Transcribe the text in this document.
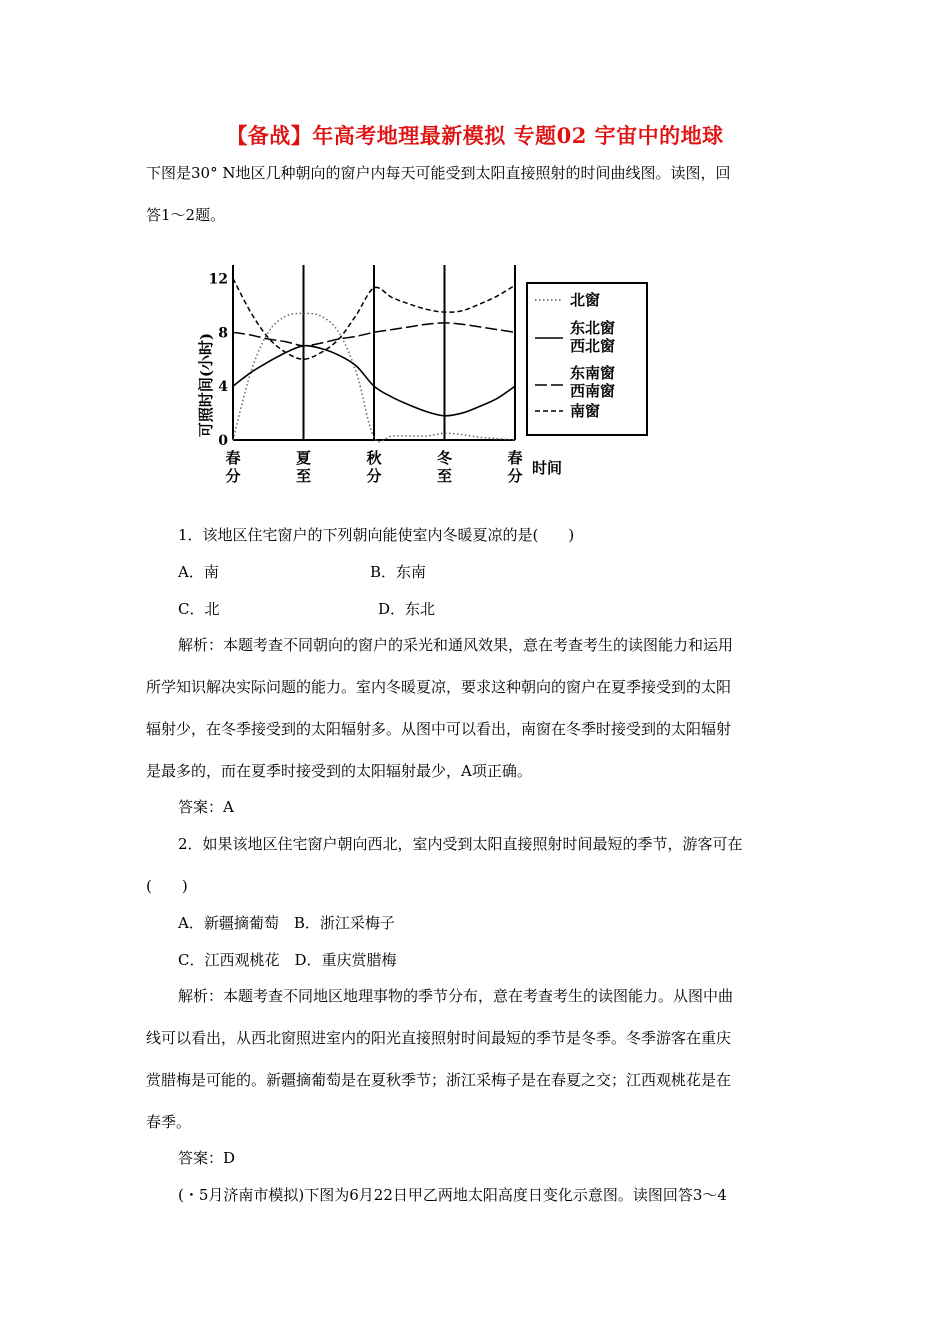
【备战】年高考地理最新模拟 专题02 宇宙中的地球
下图是30° N地区几种朝向的窗户内每天可能受到太阳直接照射的时间曲线图。读图，回
答1～2题。
可照时间(小时)
0
4
8
12
春分
夏至
秋分
冬至
春分 时间
北窗
东北窗
西北窗
东南窗
西南窗
南窗
1．该地区住宅窗户的下列朝向能使室内冬暖夏凉的是(　　)
A．南	B．东南
C．北	D．东北
解析：本题考查不同朝向的窗户的采光和通风效果，意在考查考生的读图能力和运用
所学知识解决实际问题的能力。室内冬暖夏凉，要求这种朝向的窗户在夏季接受到的太阳
辐射少，在冬季接受到的太阳辐射多。从图中可以看出，南窗在冬季时接受到的太阳辐射
是最多的，而在夏季时接受到的太阳辐射最少，A项正确。
答案：A
2．如果该地区住宅窗户朝向西北，室内受到太阳直接照射时间最短的季节，游客可在
(　　)
A．新疆摘葡萄　B．浙江采梅子
C．江西观桃花　D．重庆赏腊梅
解析：本题考查不同地区地理事物的季节分布，意在考查考生的读图能力。从图中曲
线可以看出，从西北窗照进室内的阳光直接照射时间最短的季节是冬季。冬季游客在重庆
赏腊梅是可能的。新疆摘葡萄是在夏秋季节；浙江采梅子是在春夏之交；江西观桃花是在
春季。
答案：D
(・5月济南市模拟)下图为6月22日甲乙两地太阳高度日变化示意图。读图回答3～4
